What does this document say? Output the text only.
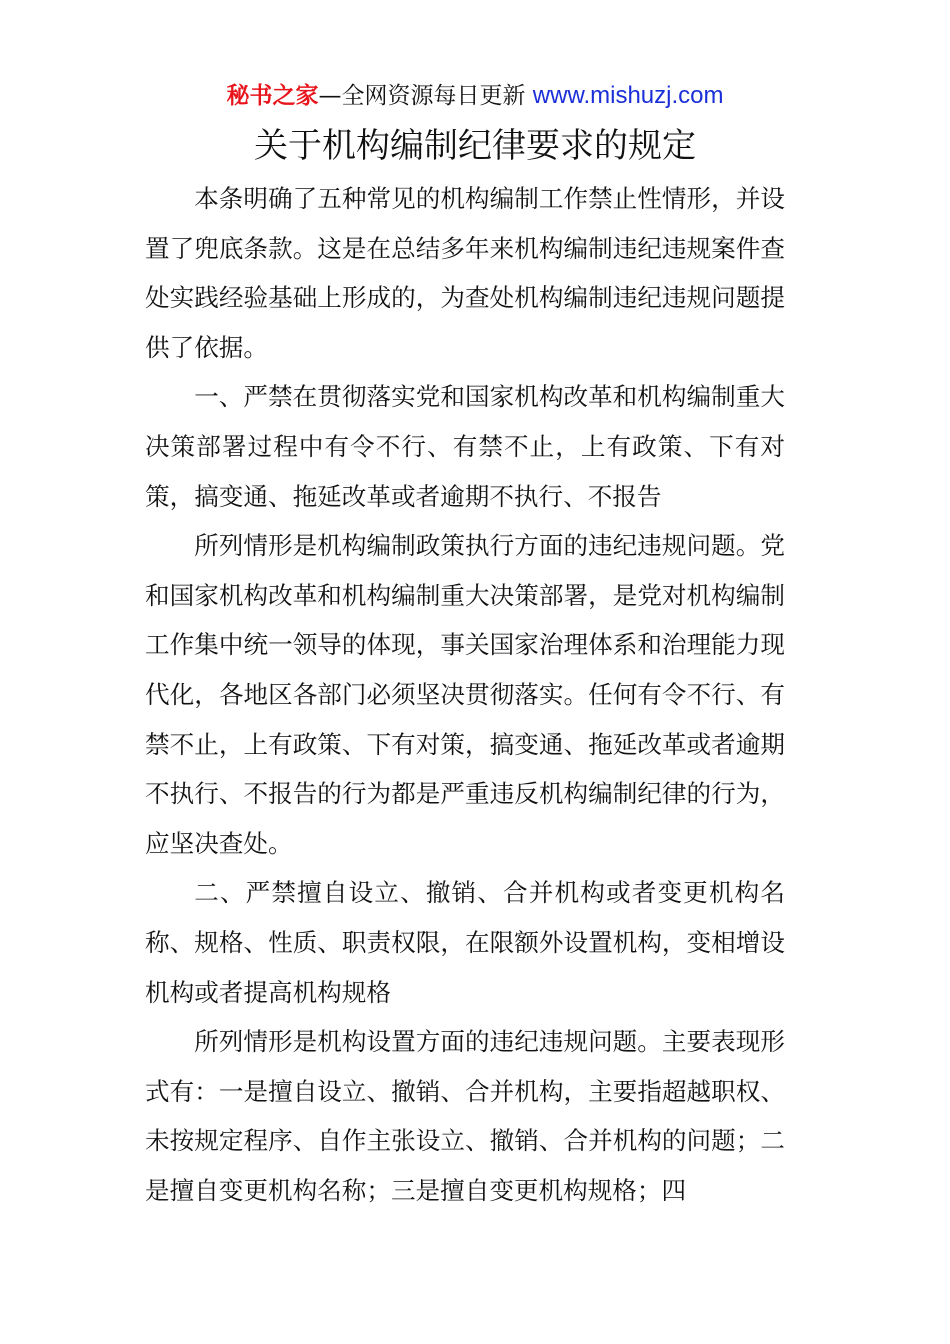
秘书之家—全网资源每日更新 www.mishuzj.com
关于机构编制纪律要求的规定

本条明确了五种常见的机构编制工作禁止性情形，并设置了兜底条款。这是在总结多年来机构编制违纪违规案件查处实践经验基础上形成的，为查处机构编制违纪违规问题提供了依据。

一、严禁在贯彻落实党和国家机构改革和机构编制重大决策部署过程中有令不行、有禁不止，上有政策、下有对策，搞变通、拖延改革或者逾期不执行、不报告

所列情形是机构编制政策执行方面的违纪违规问题。党和国家机构改革和机构编制重大决策部署，是党对机构编制工作集中统一领导的体现，事关国家治理体系和治理能力现代化，各地区各部门必须坚决贯彻落实。任何有令不行、有禁不止，上有政策、下有对策，搞变通、拖延改革或者逾期不执行、不报告的行为都是严重违反机构编制纪律的行为，应坚决查处。

二、严禁擅自设立、撤销、合并机构或者变更机构名称、规格、性质、职责权限，在限额外设置机构，变相增设机构或者提高机构规格

所列情形是机构设置方面的违纪违规问题。主要表现形式有：一是擅自设立、撤销、合并机构，主要指超越职权、未按规定程序、自作主张设立、撤销、合并机构的问题；二是擅自变更机构名称；三是擅自变更机构规格；四
